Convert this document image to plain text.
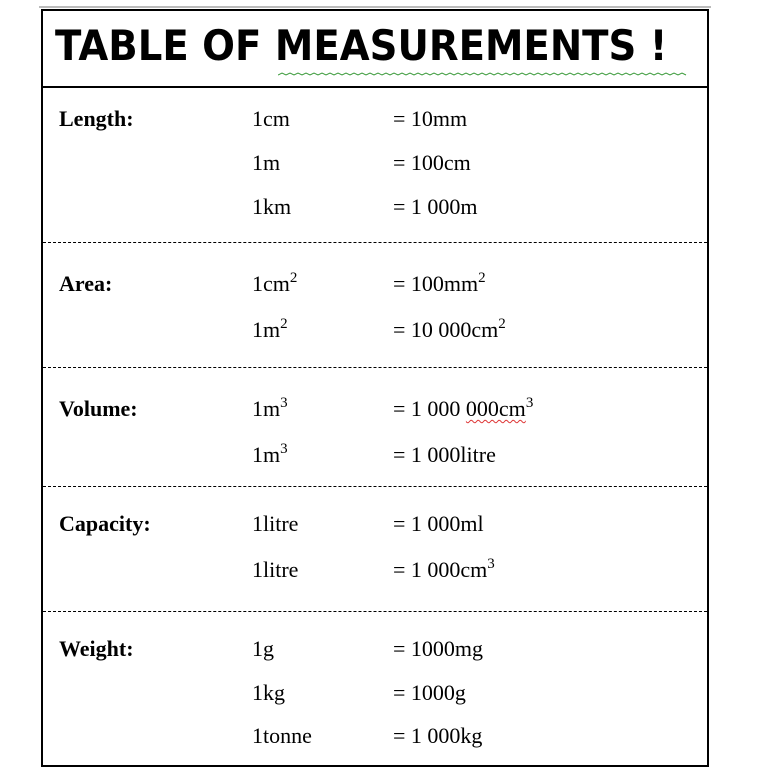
TABLE OF MEASUREMENTS !
Length:	1cm	= 10mm
1m	= 100cm
1km	= 1 000m
Area:	$1cm^2$	= $100mm^2$
$1m^2$	= 10 $000cm^2$
Volume:	$1m^3$	= 1 000 $000cm^3$
$1m^3$	= 1 000litre
Capacity:	1litre	= 1 000ml
1litre	= 1 $000cm^3$
Weight:	1g	= 1000mg
1kg	= 1000g
1tonne	= 1 000kg
